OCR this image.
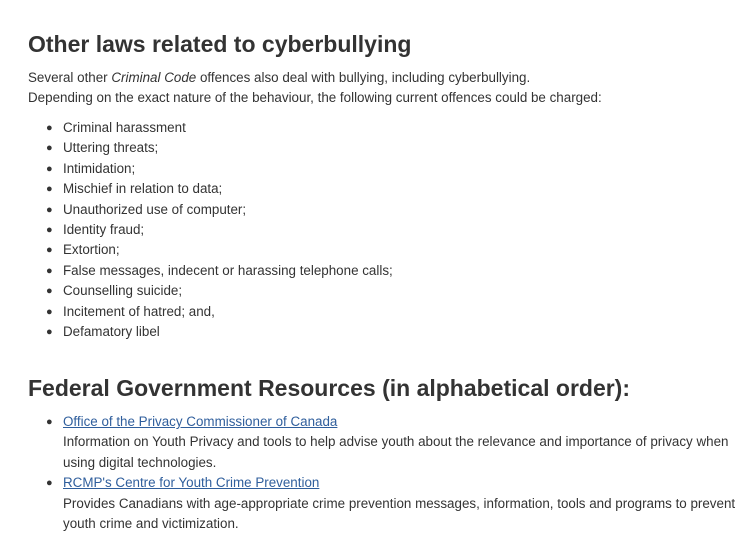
Other laws related to cyberbullying

Several other Criminal Code offences also deal with bullying, including cyberbullying.
Depending on the exact nature of the behaviour, the following current offences could be charged:

● Criminal harassment
● Uttering threats;
● Intimidation;
● Mischief in relation to data;
● Unauthorized use of computer;
● Identity fraud;
● Extortion;
● False messages, indecent or harassing telephone calls;
● Counselling suicide;
● Incitement of hatred; and,
● Defamatory libel
Federal Government Resources (in alphabetical order):
● Office of the Privacy Commissioner of Canada
Information on Youth Privacy and tools to help advise youth about the relevance and importance of privacy when using digital technologies.
● RCMP's Centre for Youth Crime Prevention
Provides Canadians with age-appropriate crime prevention messages, information, tools and programs to prevent youth crime and victimization.
